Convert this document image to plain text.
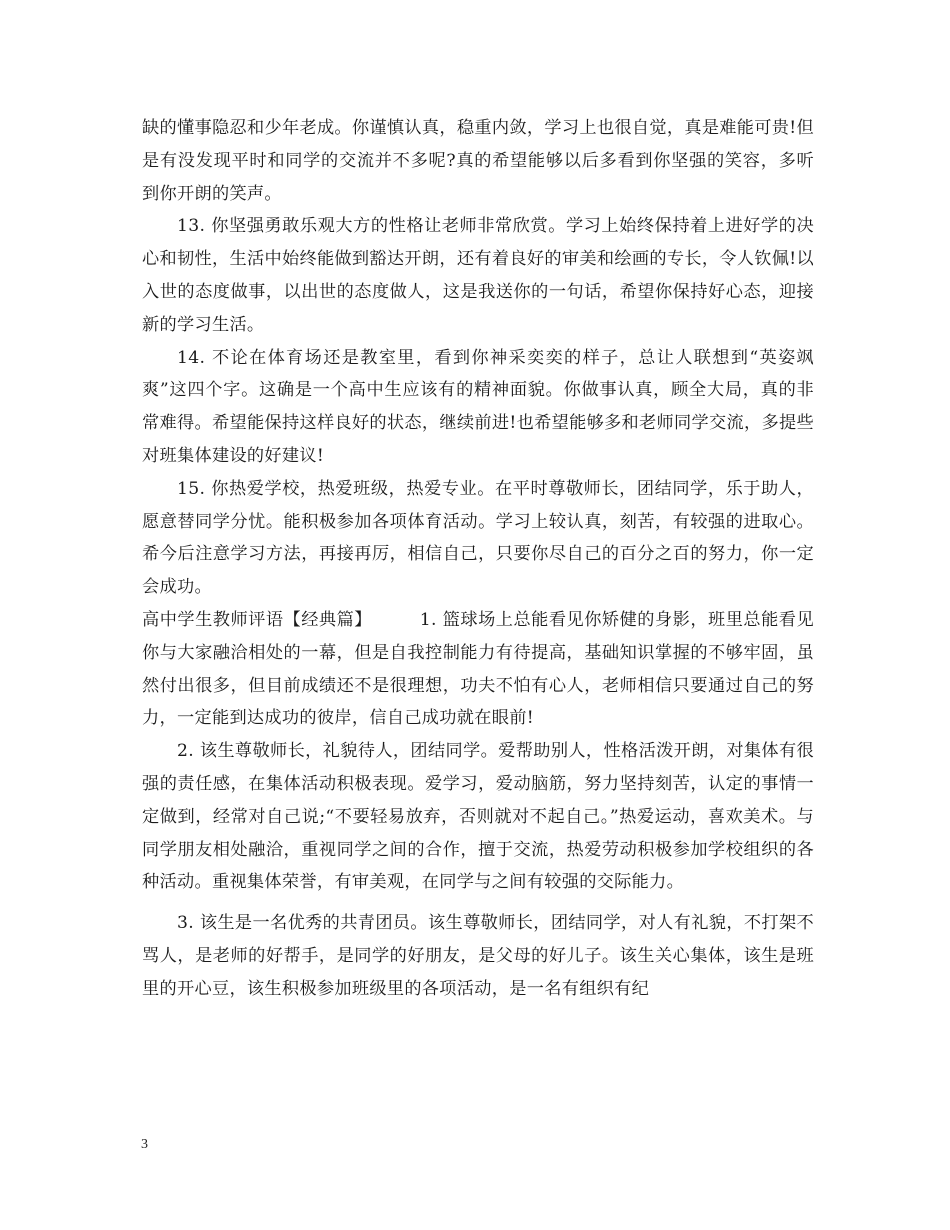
缺的懂事隐忍和少年老成。你谨慎认真，稳重内敛，学习上也很自觉，真是难能可贵!但是有没发现平时和同学的交流并不多呢?真的希望能够以后多看到你坚强的笑容，多听到你开朗的笑声。

13. 你坚强勇敢乐观大方的性格让老师非常欣赏。学习上始终保持着上进好学的决心和韧性，生活中始终能做到豁达开朗，还有着良好的审美和绘画的专长，令人钦佩!以入世的态度做事，以出世的态度做人，这是我送你的一句话，希望你保持好心态，迎接新的学习生活。

14. 不论在体育场还是教室里，看到你神采奕奕的样子，总让人联想到“英姿飒爽”这四个字。这确是一个高中生应该有的精神面貌。你做事认真，顾全大局，真的非常难得。希望能保持这样良好的状态，继续前进!也希望能够多和老师同学交流，多提些对班集体建设的好建议!

15. 你热爱学校，热爱班级，热爱专业。在平时尊敬师长，团结同学，乐于助人，愿意替同学分忧。能积极参加各项体育活动。学习上较认真，刻苦，有较强的进取心。希今后注意学习方法，再接再厉，相信自己，只要你尽自己的百分之百的努力，你一定会成功。

高中学生教师评语【经典篇】	1. 篮球场上总能看见你矫健的身影，班里总能看见你与大家融洽相处的一幕，但是自我控制能力有待提高，基础知识掌握的不够牢固，虽然付出很多，但目前成绩还不是很理想，功夫不怕有心人，老师相信只要通过自己的努力，一定能到达成功的彼岸，信自己成功就在眼前!

2. 该生尊敬师长，礼貌待人，团结同学。爱帮助别人，性格活泼开朗，对集体有很强的责任感，在集体活动积极表现。爱学习，爱动脑筋，努力坚持刻苦，认定的事情一定做到，经常对自己说;“不要轻易放弃，否则就对不起自己。”热爱运动，喜欢美术。与同学朋友相处融洽，重视同学之间的合作，擅于交流，热爱劳动积极参加学校组织的各种活动。重视集体荣誉，有审美观，在同学与之间有较强的交际能力。

3. 该生是一名优秀的共青团员。该生尊敬师长，团结同学，对人有礼貌，不打架不骂人，是老师的好帮手，是同学的好朋友，是父母的好儿子。该生关心集体，该生是班里的开心豆，该生积极参加班级里的各项活动，是一名有组织有纪

3
